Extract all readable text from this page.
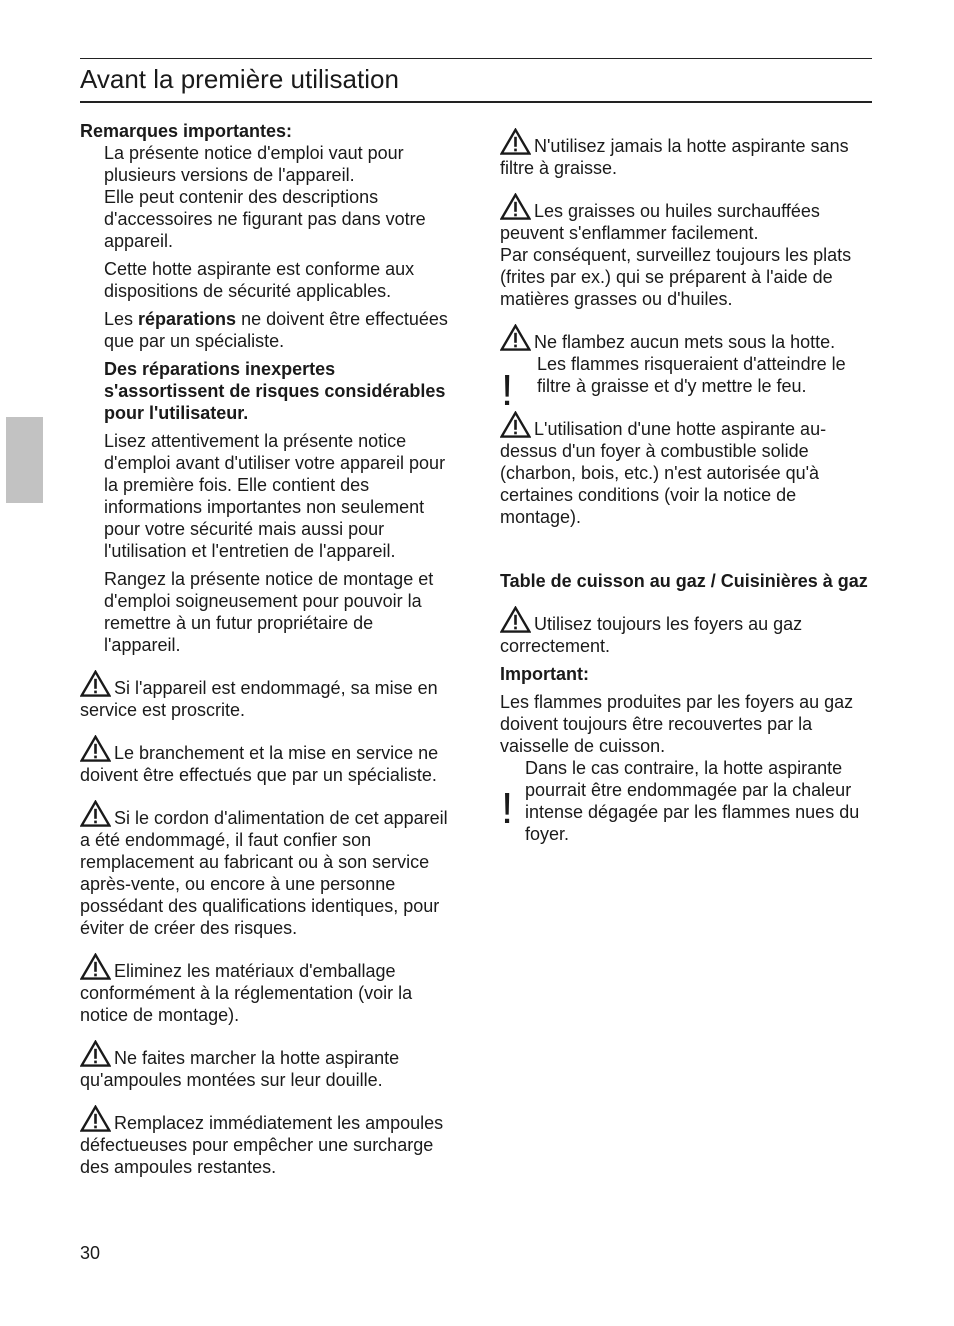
Avant la première utilisation

Remarques importantes:

La présente notice d'emploi vaut pour plusieurs versions de l'appareil.

Elle peut contenir des descriptions d'accessoires ne figurant pas dans votre appareil.

Cette hotte aspirante est conforme aux dispositions de sécurité applicables.

Les réparations ne doivent être effectuées que par un spécialiste.

Des réparations inexpertes s'assortissent de risques considérables pour l'utilisateur.

Lisez attentivement la présente notice d'emploi avant d'utiliser votre appareil pour la première fois. Elle contient des informations importantes non seulement pour votre sécurité mais aussi pour l'utilisation et l'entretien de l'appareil.

Rangez la présente notice de montage et d'emploi soigneusement pour pouvoir la remettre à un futur propriétaire de l'appareil.

Si l'appareil est endommagé, sa mise en service est proscrite.

Le branchement et la mise en service ne doivent être effectués que par un spécialiste.

Si le cordon d'alimentation de cet appareil a été endommagé, il faut confier son remplacement au fabricant ou à son service après-vente, ou encore à une personne possédant des qualifications identiques, pour éviter de créer des risques.

Eliminez les matériaux d'emballage conformément à la réglementation (voir la notice de montage).

Ne faites marcher la hotte aspirante qu'ampoules montées sur leur douille.

Remplacez immédiatement les ampoules défectueuses pour empêcher une surcharge des ampoules restantes.

N'utilisez jamais la hotte aspirante sans filtre à graisse.

Les graisses ou huiles surchauffées peuvent s'enflammer facilement.

Par conséquent, surveillez toujours les plats (frites par ex.) qui se préparent à l'aide de matières grasses ou d'huiles.

Ne flambez aucun mets sous la hotte.

!

Les flammes risqueraient d'atteindre le filtre à graisse et d'y mettre le feu.

L'utilisation d'une hotte aspirante au-dessus d'un foyer à combustible solide (charbon, bois, etc.) n'est autorisée qu'à certaines conditions (voir la notice de montage).

Table de cuisson au gaz / Cuisinières à gaz

Utilisez toujours les foyers au gaz correctement.

Important:

Les flammes produites par les foyers au gaz doivent toujours être recouvertes par la vaisselle de cuisson.

!

Dans le cas contraire, la hotte aspirante pourrait être endommagée par la chaleur intense dégagée par les flammes nues du foyer.

30
